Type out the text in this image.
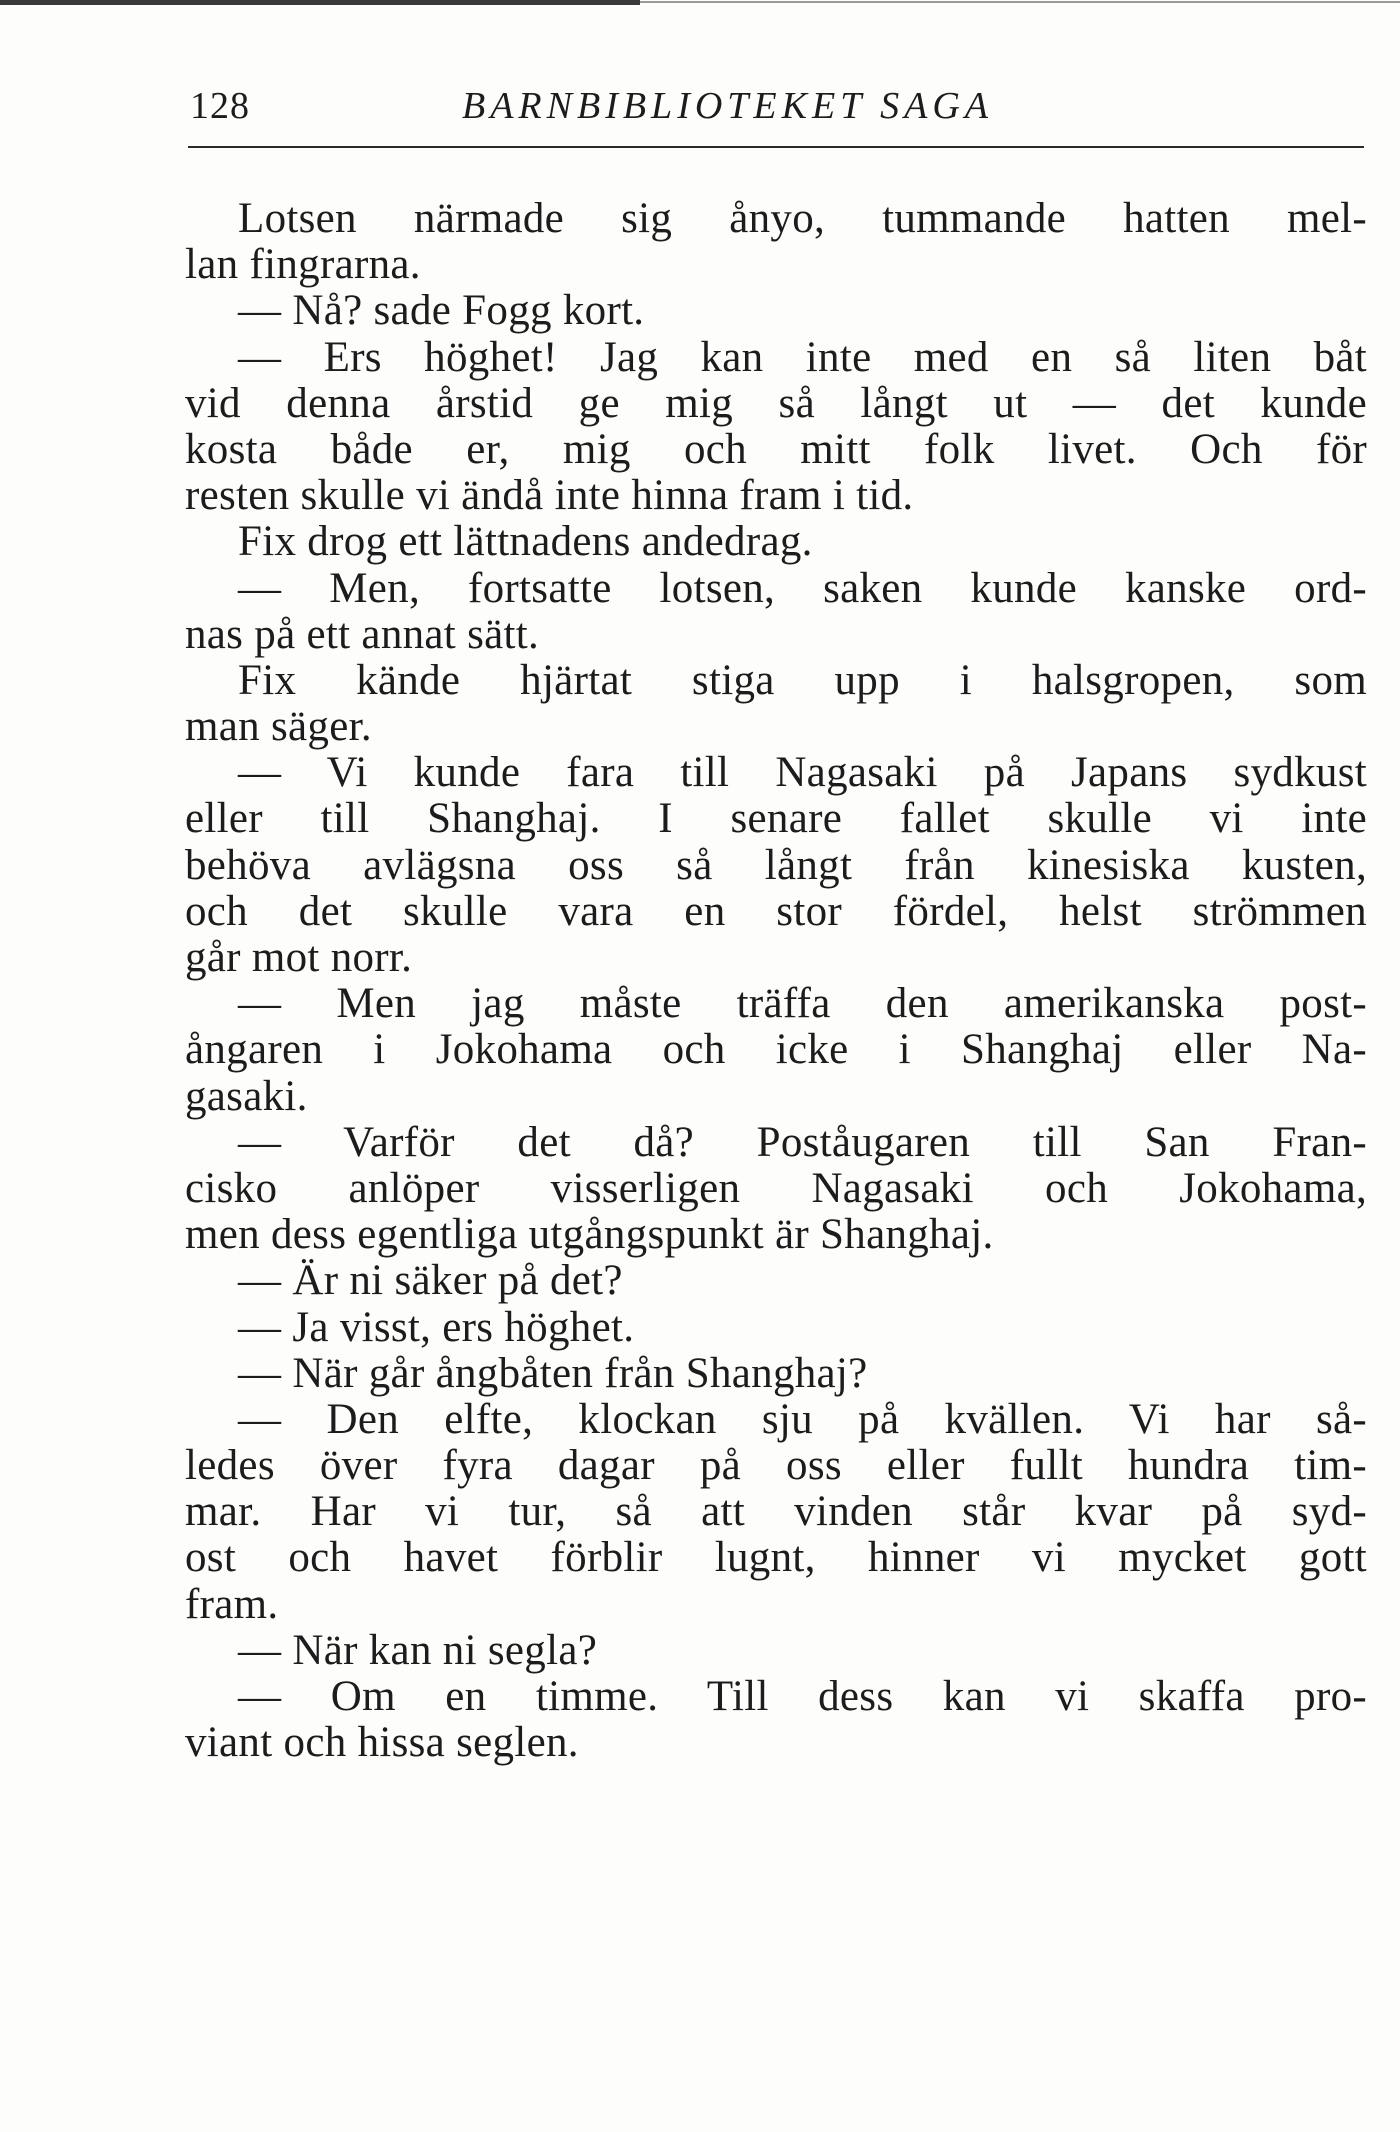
128	BARNBIBLIOTEKET SAGA
Lotsen närmade sig ånyo, tummande hatten mel-
lan fingrarna.
— Nå? sade Fogg kort.
— Ers höghet! Jag kan inte med en så liten båt
vid denna årstid ge mig så långt ut — det kunde
kosta både er, mig och mitt folk livet. Och för
resten skulle vi ändå inte hinna fram i tid.
Fix drog ett lättnadens andedrag.
— Men, fortsatte lotsen, saken kunde kanske ord-
nas på ett annat sätt.
Fix kände hjärtat stiga upp i halsgropen, som
man säger.
— Vi kunde fara till Nagasaki på Japans sydkust
eller till Shanghaj. I senare fallet skulle vi inte
behöva avlägsna oss så långt från kinesiska kusten,
och det skulle vara en stor fördel, helst strömmen
går mot norr.
— Men jag måste träffa den amerikanska post-
ångaren i Jokohama och icke i Shanghaj eller Na-
gasaki.
— Varför det då? Poståugaren till San Fran-
cisko anlöper visserligen Nagasaki och Jokohama,
men dess egentliga utgångspunkt är Shanghaj.
— Är ni säker på det?
— Ja visst, ers höghet.
— När går ångbåten från Shanghaj?
— Den elfte, klockan sju på kvällen. Vi har så-
ledes över fyra dagar på oss eller fullt hundra tim-
mar. Har vi tur, så att vinden står kvar på syd-
ost och havet förblir lugnt, hinner vi mycket gott
fram.
— När kan ni segla?
— Om en timme. Till dess kan vi skaffa pro-
viant och hissa seglen.
